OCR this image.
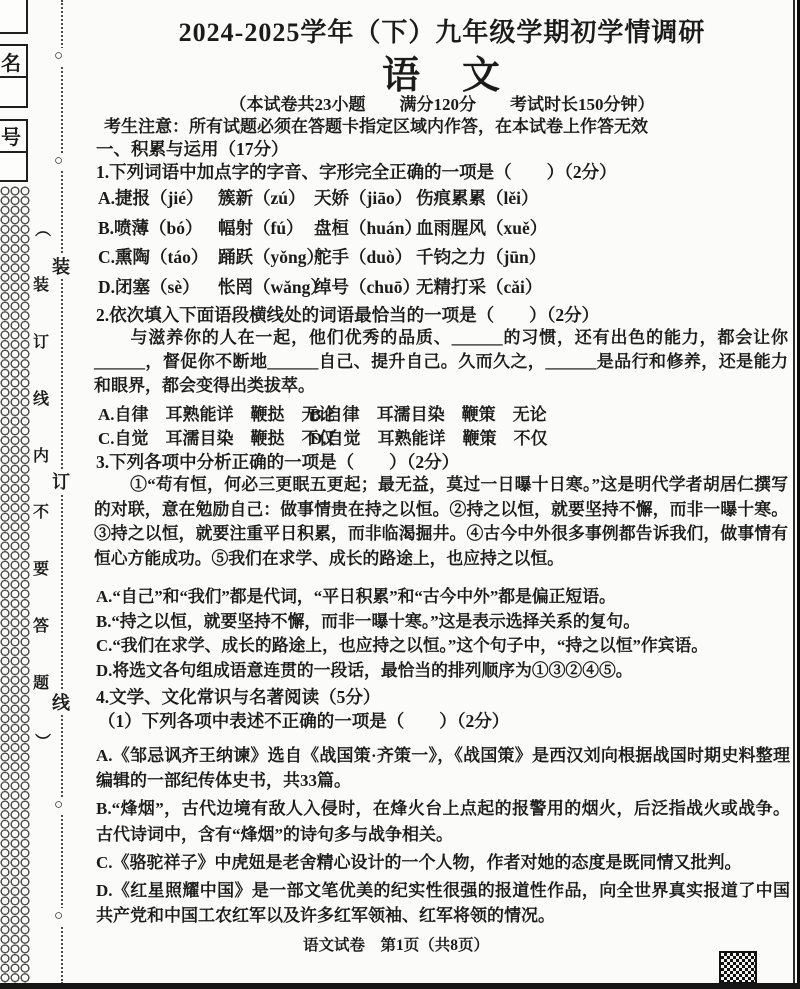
名
号
（
装
订
线
内
不
要
答
题
）
○
○
○
○
装
订
线
2024-2025学年（下）九年级学期初学情调研
语　文
（本试卷共23小题　　满分120分　　考试时长150分钟）
考生注意：所有试题必须在答题卡指定区域内作答，在本试卷上作答无效
一、积累与运用（17分）
1.下列词语中加点字的字音、字形完全正确的一项是（　　）（2分）
A.捷报（jié） 簇新（zú） 天娇（jiāo） 伤痕累累（lěi）
B.喷薄（bó） 幅射（fú） 盘桓（huán）
血雨腥风（xuě）
C.熏陶（táo） 踊跃（yǒng）
舵手（duò） 千钧之力（jūn）
D.闭塞（sè）	怅罔（wǎng）
绰号（chuō）
无精打采（cǎi）
2.依次填入下面语段横线处的词语最恰当的一项是（　　）（2分）
与滋养你的人在一起，他们优秀的品质、______的习惯，还有出色的能力，都会让你______，督促你不断地______自己、提升自己。久而久之，______是品行和修养，还是能力和眼界，都会变得出类拔萃。
A.自律　耳熟能详　鞭挞　无论
B.自律　耳濡目染　鞭策　无论
C.自觉　耳濡目染　鞭挞　不仅
D.自觉　耳熟能详　鞭策　不仅
3.下列各项中分析正确的一项是（　　）（2分）
①“苟有恒，何必三更眠五更起；最无益，莫过一日曝十日寒。”这是明代学者胡居仁撰写的对联，意在勉励自己：做事情贵在持之以恒。②持之以恒，就要坚持不懈，而非一曝十寒。③持之以恒，就要注重平日积累，而非临渴掘井。④古今中外很多事例都告诉我们，做事情有恒心方能成功。⑤我们在求学、成长的路途上，也应持之以恒。

A.“自己”和“我们”都是代词，“平日积累”和“古今中外”都是偏正短语。

B.“持之以恒，就要坚持不懈，而非一曝十寒。”这是表示选择关系的复句。

C.“我们在求学、成长的路途上，也应持之以恒。”这个句子中，“持之以恒”作宾语。

D.将选文各句组成语意连贯的一段话，最恰当的排列顺序为①③②④⑤。

4.文学、文化常识与名著阅读（5分）
（1）下列各项中表述不正确的一项是（　　）（2分）

A.《邹忌讽齐王纳谏》选自《战国策·齐策一》，《战国策》是西汉刘向根据战国时期史料整理编辑的一部纪传体史书，共33篇。

B.“烽烟”，古代边境有敌人入侵时，在烽火台上点起的报警用的烟火，后泛指战火或战争。古代诗词中，含有“烽烟”的诗句多与战争相关。

C.《骆驼祥子》中虎妞是老舍精心设计的一个人物，作者对她的态度是既同情又批判。

D.《红星照耀中国》是一部文笔优美的纪实性很强的报道性作品，向全世界真实报道了中国共产党和中国工农红军以及许多红军领袖、红军将领的情况。

语文试卷　第1页（共8页）
